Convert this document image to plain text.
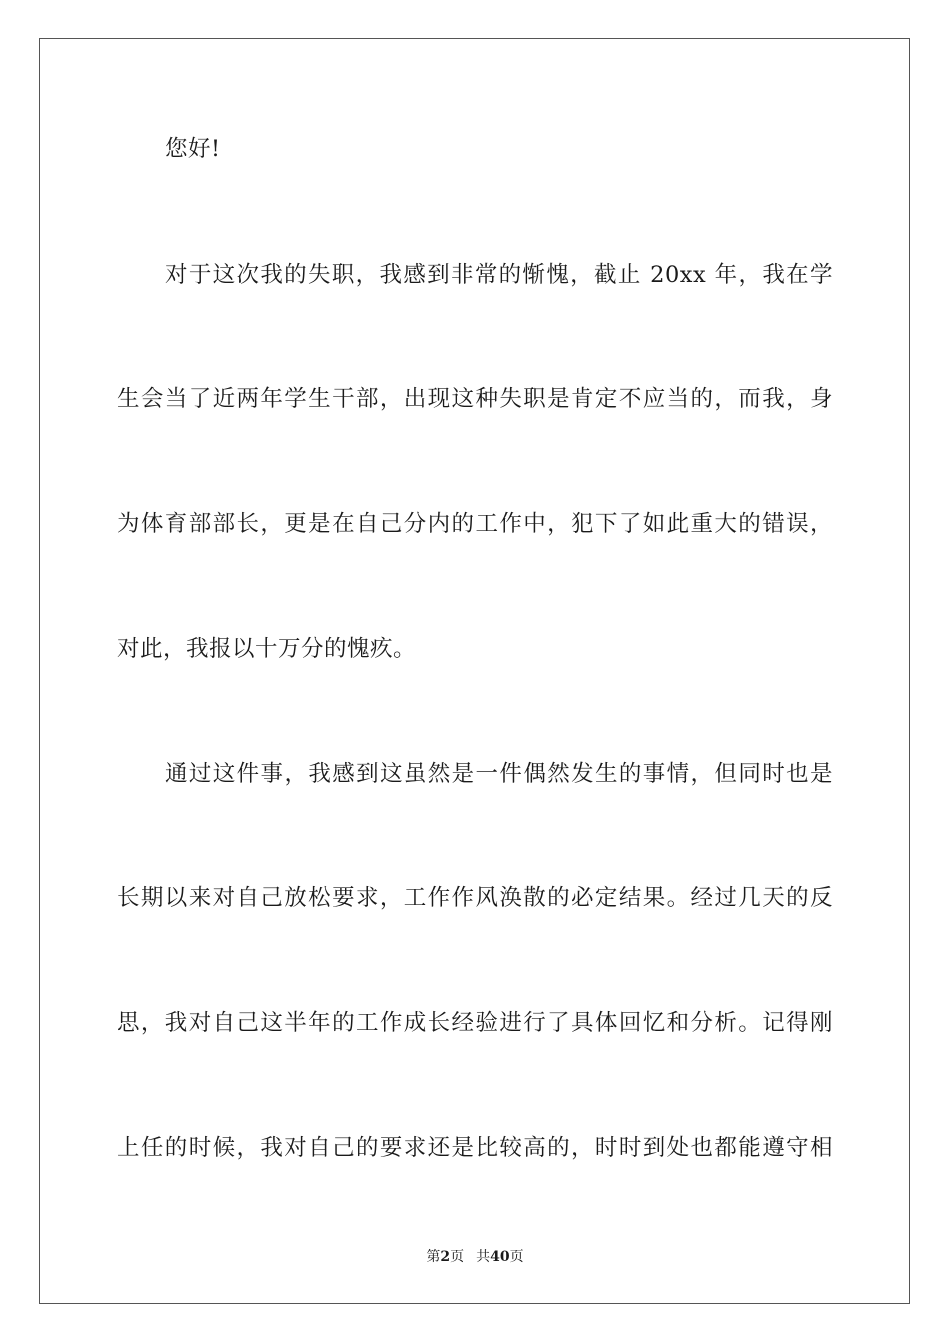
您好!
对于这次我的失职，我感到非常的惭愧，截止 20xx 年，我在学
生会当了近两年学生干部，出现这种失职是肯定不应当的，而我，身
为体育部部长，更是在自己分内的工作中，犯下了如此重大的错误，
对此，我报以十万分的愧疚。
通过这件事，我感到这虽然是一件偶然发生的事情，但同时也是
长期以来对自己放松要求，工作作风涣散的必定结果。经过几天的反
思，我对自己这半年的工作成长经验进行了具体回忆和分析。记得刚
上任的时候，我对自己的要求还是比较高的，时时到处也都能遵守相
第2页 共40页
